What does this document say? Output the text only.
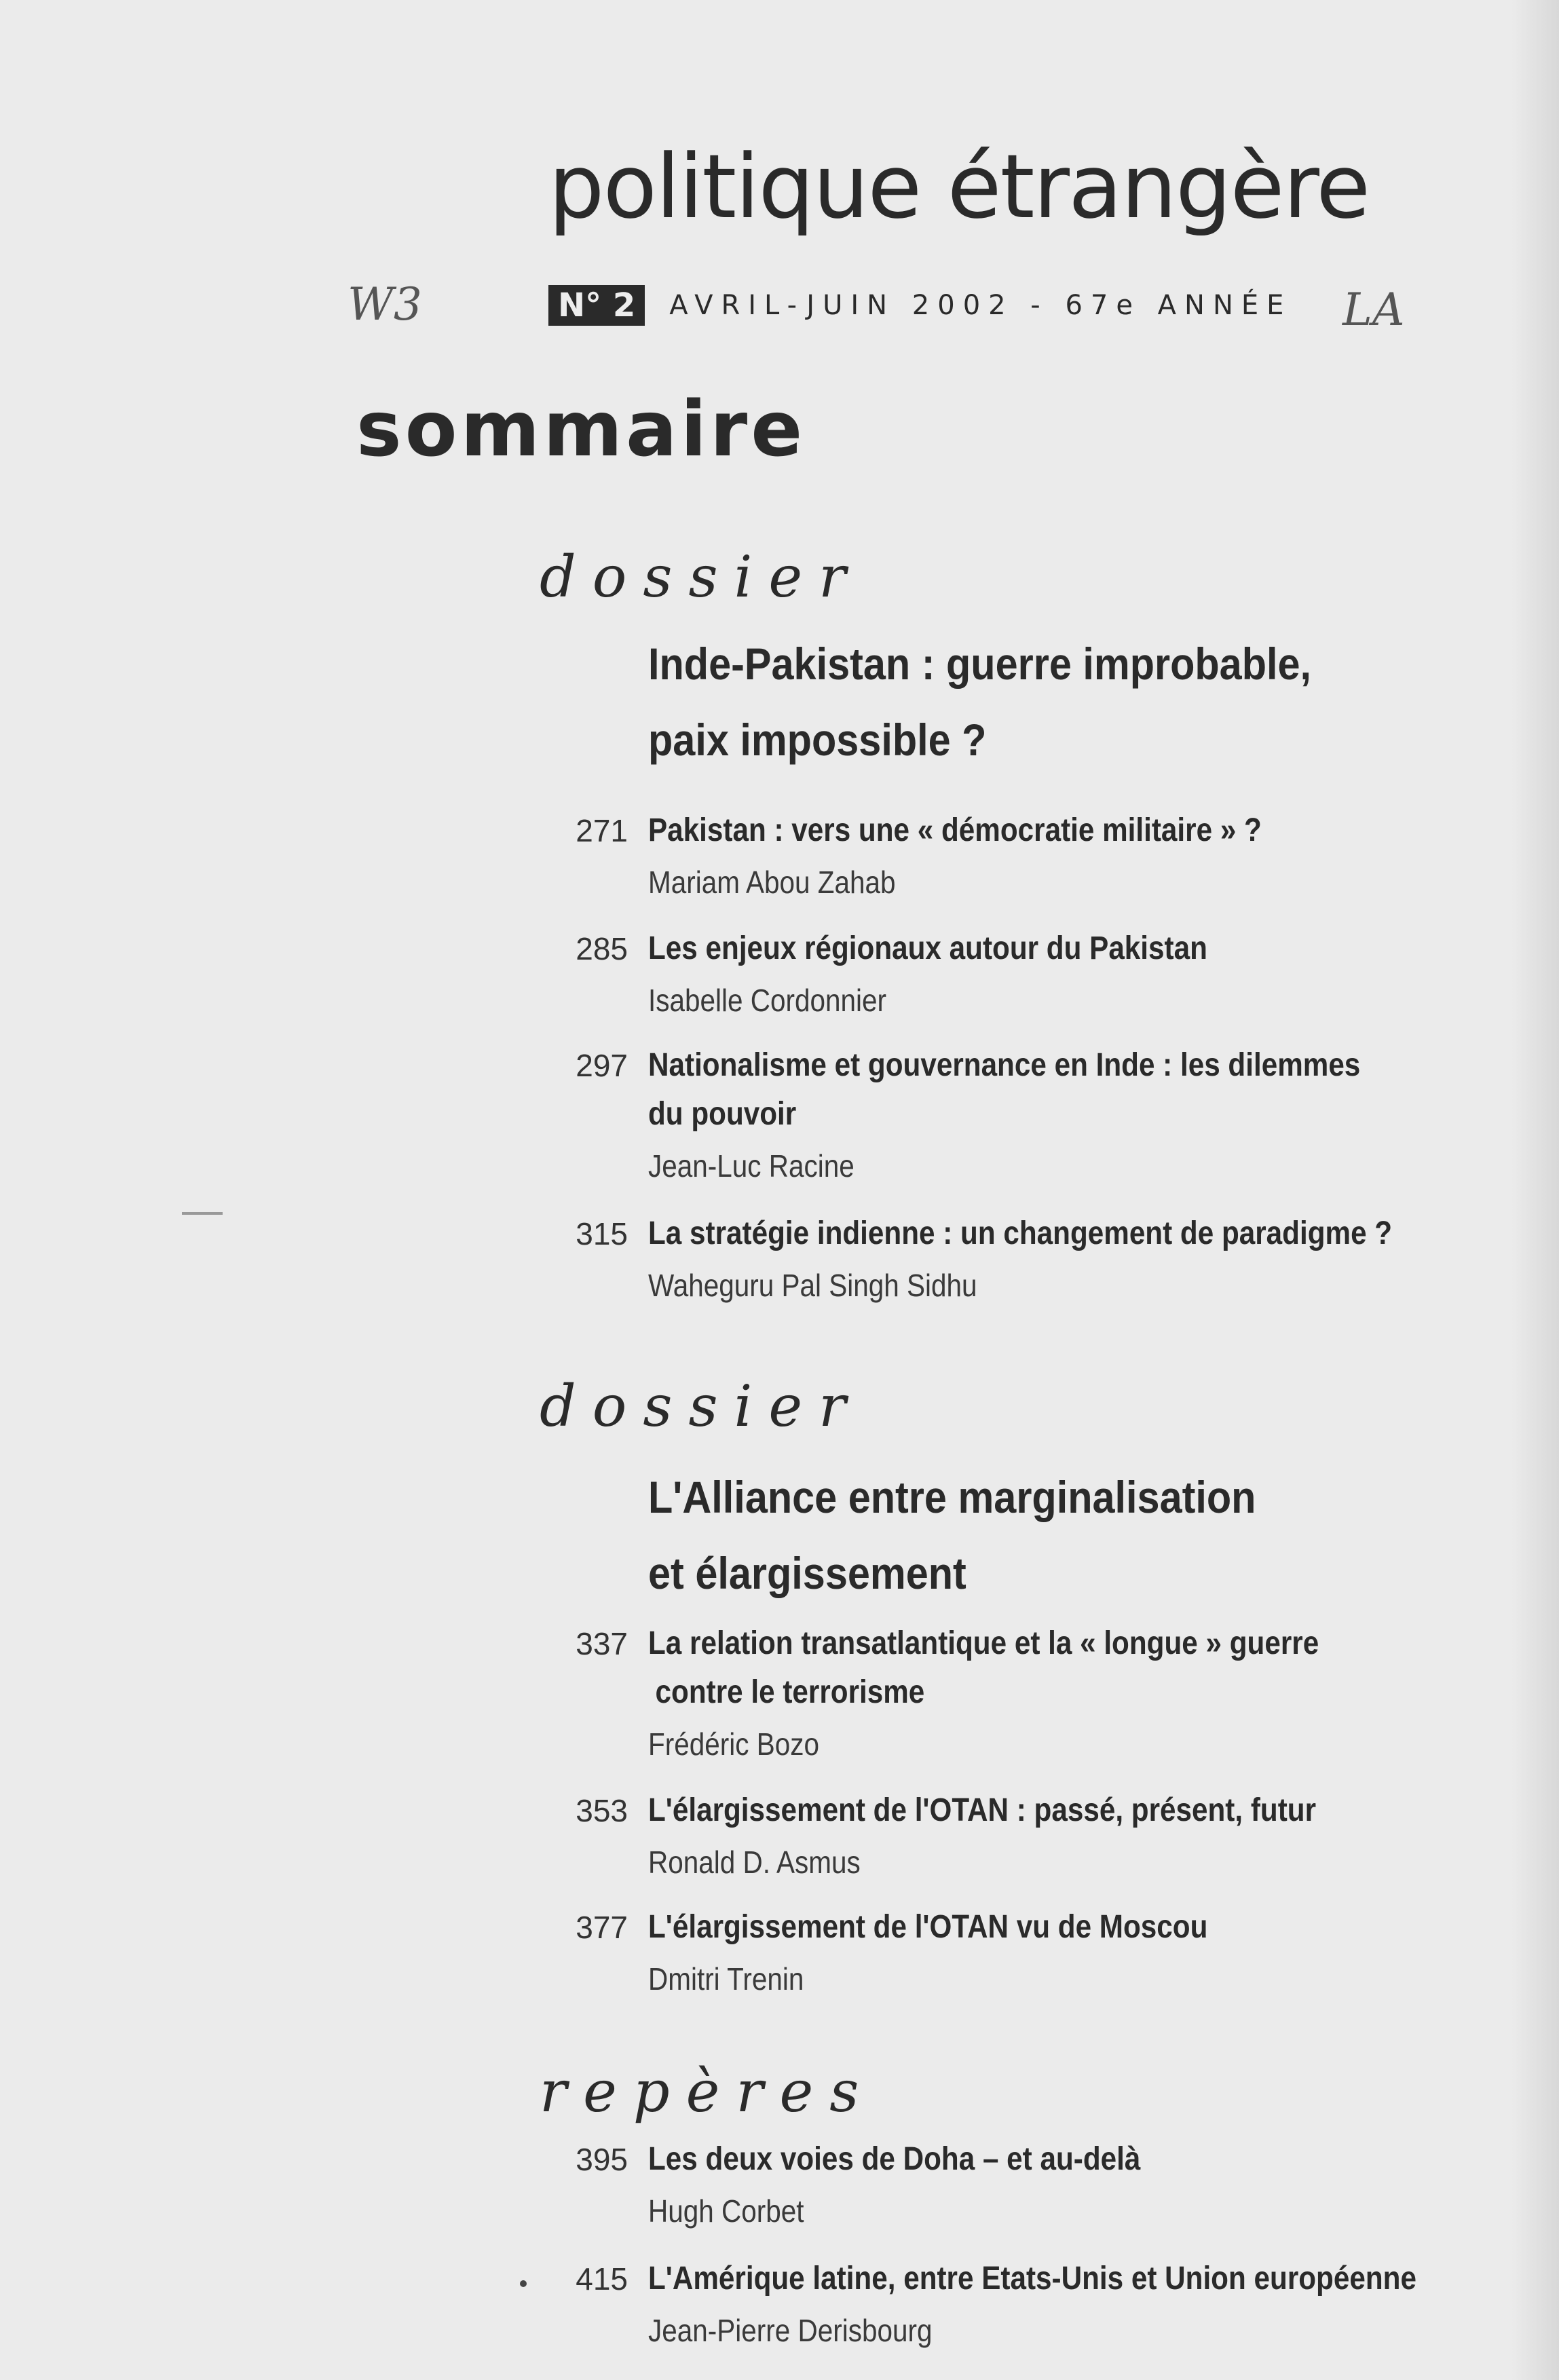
politique étrangère
N° 2	AVRIL-JUIN 2002 - 67e ANNÉE
W3	LA
sommaire
dossier
Inde-Pakistan : guerre improbable,
paix impossible ?
271 Pakistan : vers une « démocratie militaire » ?
Mariam Abou Zahab
285 Les enjeux régionaux autour du Pakistan
Isabelle Cordonnier
297 Nationalisme et gouvernance en Inde : les dilemmes
du pouvoir
Jean-Luc Racine
315 La stratégie indienne : un changement de paradigme ?
Waheguru Pal Singh Sidhu
dossier
L'Alliance entre marginalisation
et élargissement
337 La relation transatlantique et la « longue » guerre
contre le terrorisme
Frédéric Bozo
353 L'élargissement de l'OTAN : passé, présent, futur
Ronald D. Asmus
377 L'élargissement de l'OTAN vu de Moscou
Dmitri Trenin
repères
395 Les deux voies de Doha – et au-delà
Hugh Corbet
415 L'Amérique latine, entre Etats-Unis et Union européenne
Jean-Pierre Derisbourg
